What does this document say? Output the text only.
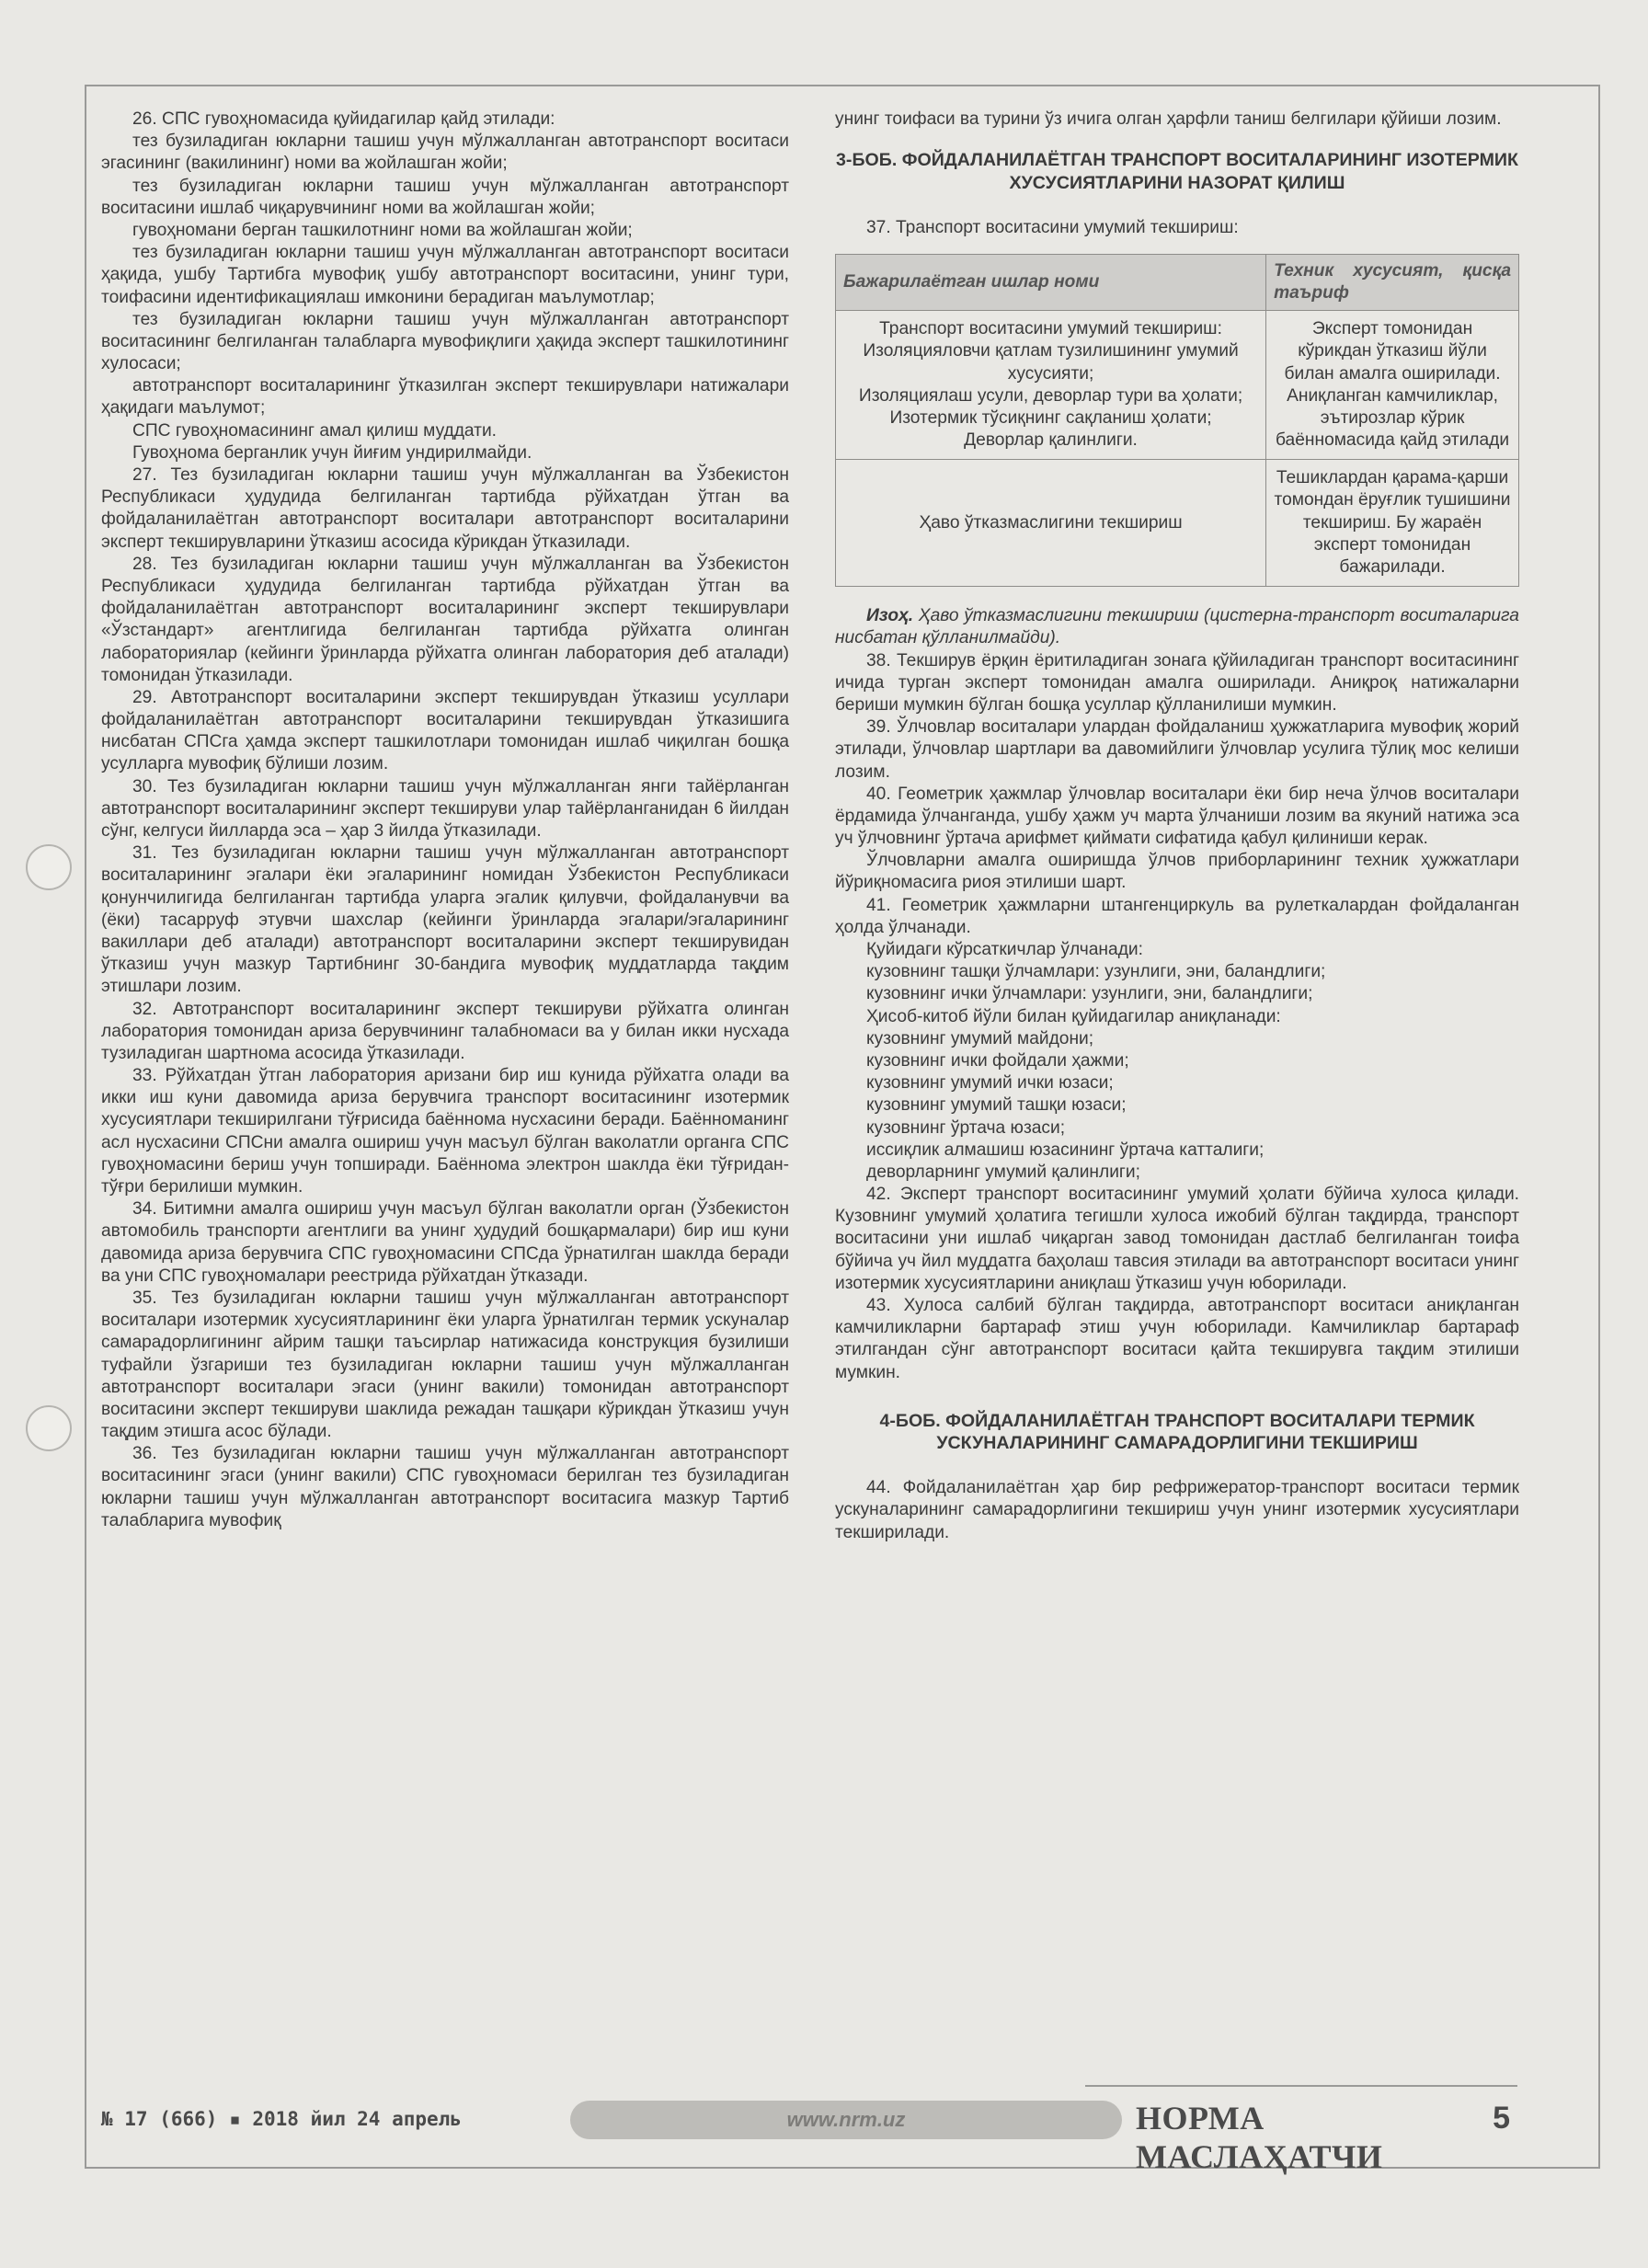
26. СПС гувоҳномасида қуйидагилар қайд этилади:

тез бузиладиган юкларни ташиш учун мўлжалланган автотранспорт воситаси эгасининг (вакилининг) номи ва жойлашган жойи;

тез бузиладиган юкларни ташиш учун мўлжалланган автотранспорт воситасини ишлаб чиқарувчининг номи ва жойлашган жойи;

гувоҳномани берган ташкилотнинг номи ва жойлашган жойи;

тез бузиладиган юкларни ташиш учун мўлжалланган автотранспорт воситаси ҳақида, ушбу Тартибга мувофиқ ушбу автотранспорт воситасини, унинг тури, тоифасини идентификациялаш имконини берадиган маълумотлар;

тез бузиладиган юкларни ташиш учун мўлжалланган автотранспорт воситасининг белгиланган талабларга мувофиқлиги ҳақида эксперт ташкилотининг хулосаси;

автотранспорт воситаларининг ўтказилган эксперт текширувлари натижалари ҳақидаги маълумот;

СПС гувоҳномасининг амал қилиш муддати.

Гувоҳнома берганлик учун йиғим ундирилмайди.

27. Тез бузиладиган юкларни ташиш учун мўлжалланган ва Ўзбекистон Республикаси ҳудудида белгиланган тартибда рўйхатдан ўтган ва фойдаланилаётган автотранспорт воситалари автотранспорт воситаларини эксперт текширувларини ўтказиш асосида кўрикдан ўтказилади.

28. Тез бузиладиган юкларни ташиш учун мўлжалланган ва Ўзбекистон Республикаси ҳудудида белгиланган тартибда рўйхатдан ўтган ва фойдаланилаётган автотранспорт воситаларининг эксперт текширувлари «Ўзстандарт» агентлигида белгиланган тартибда рўйхатга олинган лабораториялар (кейинги ўринларда рўйхатга олинган лаборатория деб аталади) томонидан ўтказилади.

29. Автотранспорт воситаларини эксперт текширувдан ўтказиш усуллари фойдаланилаётган автотранспорт воситаларини текширувдан ўтказишига нисбатан СПСга ҳамда эксперт ташкилотлари томонидан ишлаб чиқилган бошқа усулларга мувофиқ бўлиши лозим.

30. Тез бузиладиган юкларни ташиш учун мўлжалланган янги тайёрланган автотранспорт воситаларининг эксперт текшируви улар тайёрланганидан 6 йилдан сўнг, келгуси йилларда эса – ҳар 3 йилда ўтказилади.

31. Тез бузиладиган юкларни ташиш учун мўлжалланган автотранспорт воситаларининг эгалари ёки эгаларининг номидан Ўзбекистон Республикаси қонунчилигида белгиланган тартибда уларга эгалик қилувчи, фойдаланувчи ва (ёки) тасарруф этувчи шахслар (кейинги ўринларда эгалари/эгаларининг вакиллари деб аталади) автотранспорт воситаларини эксперт текширувидан ўтказиш учун мазкур Тартибнинг 30-бандига мувофиқ муддатларда тақдим этишлари лозим.

32. Автотранспорт воситаларининг эксперт текшируви рўйхатга олинган лаборатория томонидан ариза берувчининг талабномаси ва у билан икки нусхада тузиладиган шартнома асосида ўтказилади.

33. Рўйхатдан ўтган лаборатория аризани бир иш кунида рўйхатга олади ва икки иш куни давомида ариза берувчига транспорт воситасининг изотермик хусусиятлари текширилгани тўғрисида баённома нусхасини беради. Баённоманинг асл нусхасини СПСни амалга ошириш учун масъул бўлган ваколатли органга СПС гувоҳномасини бериш учун топширади. Баённома электрон шаклда ёки тўғридан-тўғри берилиши мумкин.

34. Битимни амалга ошириш учун масъул бўлган ваколатли орган (Ўзбекистон автомобиль транспорти агентлиги ва унинг ҳудудий бошқармалари) бир иш куни давомида ариза берувчига СПС гувоҳномасини СПСда ўрнатилган шаклда беради ва уни СПС гувоҳномалари реестрида рўйхатдан ўтказади.

35. Тез бузиладиган юкларни ташиш учун мўлжалланган автотранспорт воситалари изотермик хусусиятларининг ёки уларга ўрнатилган термик ускуналар самарадорлигининг айрим ташқи таъсирлар натижасида конструкция бузилиши туфайли ўзгариши тез бузиладиган юкларни ташиш учун мўлжалланган автотранспорт воситалари эгаси (унинг вакили) томонидан автотранспорт воситасини эксперт текшируви шаклида режадан ташқари кўрикдан ўтказиш учун тақдим этишга асос бўлади.

36. Тез бузиладиган юкларни ташиш учун мўлжалланган автотранспорт воситасининг эгаси (унинг вакили) СПС гувоҳномаси берилган тез бузиладиган юкларни ташиш учун мўлжалланган автотранспорт воситасига мазкур Тартиб талабларига мувофиқ

унинг тоифаси ва турини ўз ичига олган ҳарфли таниш белгилари қўйиши лозим.

3-БОБ. ФОЙДАЛАНИЛАЁТГАН ТРАНСПОРТ ВОСИТАЛАРИНИНГ ИЗОТЕРМИК ХУСУСИЯТЛАРИНИ НАЗОРАТ ҚИЛИШ

37. Транспорт воситасини умумий текшириш:

Бажарилаётган ишлар номи	Техник хусусият, қисқа таъриф

Транспорт воситасини умумий текшириш:
Изоляцияловчи қатлам тузилишининг умумий хусусияти;
Изоляциялаш усули, деворлар тури ва ҳолати;
Изотермик тўсиқнинг сақланиш ҳолати;
Деворлар қалинлиги.	Эксперт томонидан кўрикдан ўтказиш йўли билан амалга оширилади. Аниқланган камчиликлар, эътирозлар кўрик баённомасида қайд этилади
Ҳаво ўтказмаслигини текшириш	Тешиклардан қарама-қарши томондан ёруғлик тушишини текшириш. Бу жараён эксперт томонидан бажарилади.

Изоҳ. Ҳаво ўтказмаслигини текшириш (цистерна-транспорт воситаларига нисбатан қўлланилмайди).

38. Текширув ёрқин ёритиладиган зонага қўйиладиган транспорт воситасининг ичида турган эксперт томонидан амалга оширилади. Аниқроқ натижаларни бериши мумкин бўлган бошқа усуллар қўлланилиши мумкин.

39. Ўлчовлар воситалари улардан фойдаланиш ҳужжатларига мувофиқ жорий этилади, ўлчовлар шартлари ва давомийлиги ўлчовлар усулига тўлиқ мос келиши лозим.

40. Геометрик ҳажмлар ўлчовлар воситалари ёки бир неча ўлчов воситалари ёрдамида ўлчанганда, ушбу ҳажм уч марта ўлчаниши лозим ва якуний натижа эса уч ўлчовнинг ўртача арифмет қиймати сифатида қабул қилиниши керак.

Ўлчовларни амалга оширишда ўлчов приборларининг техник ҳужжатлари йўриқномасига риоя этилиши шарт.

41. Геометрик ҳажмларни штангенциркуль ва рулеткалардан фойдаланган ҳолда ўлчанади.

Қуйидаги кўрсаткичлар ўлчанади:

кузовнинг ташқи ўлчамлари: узунлиги, эни, баландлиги;

кузовнинг ички ўлчамлари: узунлиги, эни, баландлиги;

Ҳисоб-китоб йўли билан қуйидагилар аниқланади:

кузовнинг умумий майдони;

кузовнинг ички фойдали ҳажми;

кузовнинг умумий ички юзаси;

кузовнинг умумий ташқи юзаси;

кузовнинг ўртача юзаси;

иссиқлик алмашиш юзасининг ўртача катталиги;

деворларнинг умумий қалинлиги;

42. Эксперт транспорт воситасининг умумий ҳолати бўйича хулоса қилади. Кузовнинг умумий ҳолатига тегишли хулоса ижобий бўлган тақдирда, транспорт воситасини уни ишлаб чиқарган завод томонидан дастлаб белгиланган тоифа бўйича уч йил муддатга баҳолаш тавсия этилади ва автотранспорт воситаси унинг изотермик хусусиятларини аниқлаш ўтказиш учун юборилади.

43. Хулоса салбий бўлган тақдирда, автотранспорт воситаси аниқланган камчиликларни бартараф этиш учун юборилади. Камчиликлар бартараф этилгандан сўнг автотранспорт воситаси қайта текширувга тақдим этилиши мумкин.

4-БОБ. ФОЙДАЛАНИЛАЁТГАН ТРАНСПОРТ ВОСИТАЛАРИ ТЕРМИК УСКУНАЛАРИНИНГ САМАРАДОРЛИГИНИ ТЕКШИРИШ

44. Фойдаланилаётган ҳар бир рефрижератор-транспорт воситаси термик ускуналарининг самарадорлигини текшириш учун унинг изотермик хусусиятлари текширилади.

№ 17 (666) ▪ 2018 йил 24 апрель	www.nrm.uz	НОРМА МАСЛАҲАТЧИ
5
